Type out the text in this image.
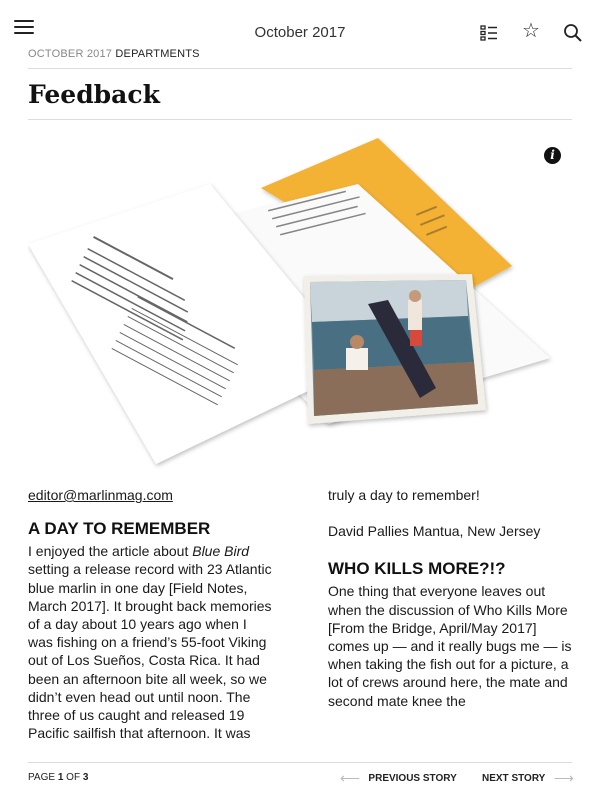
October 2017	☆
OCTOBER 2017 DEPARTMENTS
Feedback
i
editor@marlinmag.com
A DAY TO REMEMBER

I enjoyed the article about Blue Bird setting a release record with 23 Atlantic blue marlin in one day [Field Notes, March 2017]. It brought back memories of a day about 10 years ago when I was fishing on a friend’s 55-foot Viking out of Los Sueños, Costa Rica. It had been an afternoon bite all week, so we didn’t even head out until noon. The three of us caught and released 19 Pacific sailfish that afternoon. It was

truly a day to remember!

David Pallies Mantua, New Jersey

WHO KILLS MORE?!?

One thing that everyone leaves out when the discussion of Who Kills More [From the Bridge, April/May 2017] comes up — and it really bugs me — is when taking the fish out for a picture, a lot of crews around here, the mate and second mate knee the

PAGE 1 OF 3	⟵
PREVIOUS STORY	NEXT STORY
⟶
